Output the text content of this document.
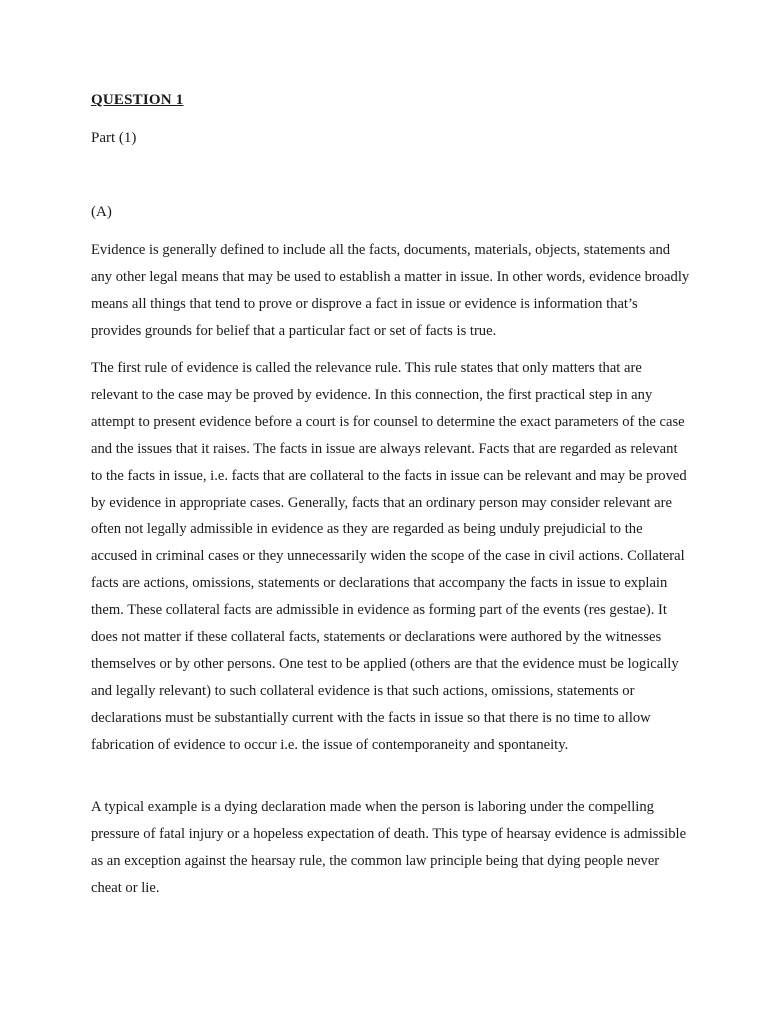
QUESTION 1
Part (1)
(A)

Evidence is generally defined to include all the facts, documents, materials, objects, statements and any other legal means that may be used to establish a matter in issue. In other words, evidence broadly means all things that tend to prove or disprove a fact in issue or evidence is information that’s provides grounds for belief that a particular fact or set of facts is true.

The first rule of evidence is called the relevance rule. This rule states that only matters that are relevant to the case may be proved by evidence. In this connection, the first practical step in any attempt to present evidence before a court is for counsel to determine the exact parameters of the case and the issues that it raises. The facts in issue are always relevant. Facts that are regarded as relevant to the facts in issue, i.e. facts that are collateral to the facts in issue can be relevant and may be proved by evidence in appropriate cases. Generally, facts that an ordinary person may consider relevant are often not legally admissible in evidence as they are regarded as being unduly prejudicial to the accused in criminal cases or they unnecessarily widen the scope of the case in civil actions. Collateral facts are actions, omissions, statements or declarations that accompany the facts in issue to explain them. These collateral facts are admissible in evidence as forming part of the events (res gestae). It does not matter if these collateral facts, statements or declarations were authored by the witnesses themselves or by other persons. One test to be applied (others are that the evidence must be logically and legally relevant) to such collateral evidence is that such actions, omissions, statements or declarations must be substantially current with the facts in issue so that there is no time to allow fabrication of evidence to occur i.e. the issue of contemporaneity and spontaneity.

A typical example is a dying declaration made when the person is laboring under the compelling pressure of fatal injury or a hopeless expectation of death. This type of hearsay evidence is admissible as an exception against the hearsay rule, the common law principle being that dying people never cheat or lie.
